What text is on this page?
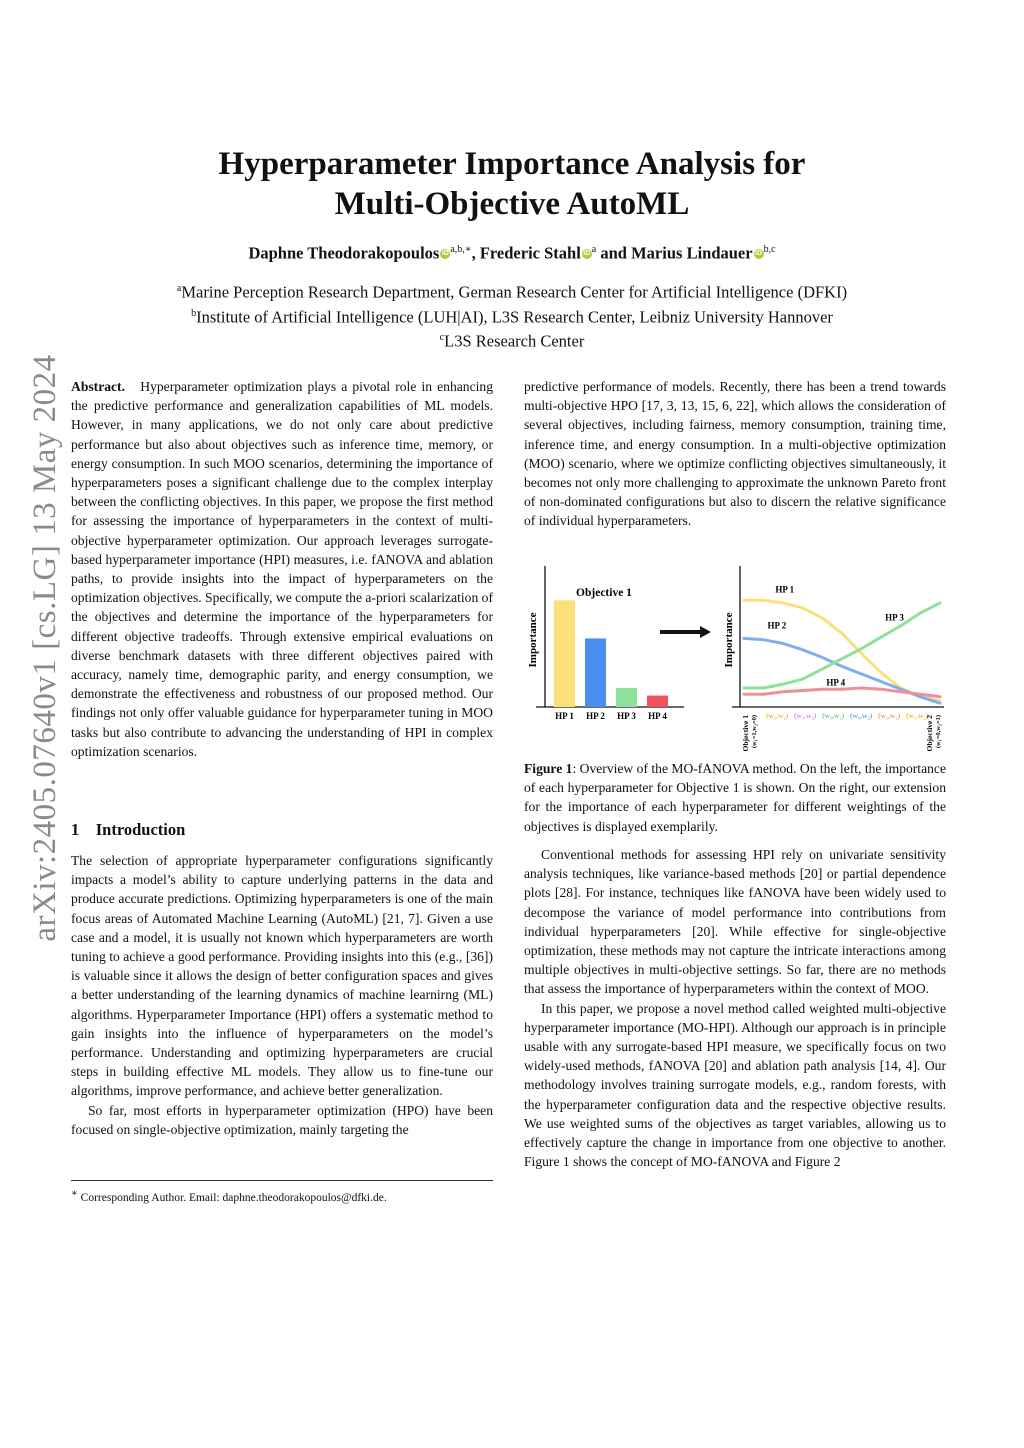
arXiv:2405.07640v1 [cs.LG] 13 May 2024
Hyperparameter Importance Analysis for
Multi-Objective AutoML
Daphne Theodorakopoulos iD $^{a,b,∗}$, Frederic Stahl iD $^a$ and Marius Lindauer iD $^{b,c}$
$^a$Marine Perception Research Department, German Research Center for Artificial Intelligence (DFKI)
$^b$Institute of Artificial Intelligence (LUH|AI), L3S Research Center, Leibniz University Hannover
$^c$L3S Research Center

Abstract. Hyperparameter optimization plays a pivotal role in enhancing the predictive performance and generalization capabilities of ML models. However, in many applications, we do not only care about predictive performance but also about objectives such as inference time, memory, or energy consumption. In such MOO scenarios, determining the importance of hyperparameters poses a significant challenge due to the complex interplay between the conflicting objectives. In this paper, we propose the first method for assessing the importance of hyperparameters in the context of multi-objective hyperparameter optimization. Our approach leverages surrogate-based hyperparameter importance (HPI) measures, i.e. fANOVA and ablation paths, to provide insights into the impact of hyperparameters on the optimization objectives. Specifically, we compute the a-priori scalarization of the objectives and determine the importance of the hyperparameters for different objective tradeoffs. Through extensive empirical evaluations on diverse benchmark datasets with three different objectives paired with accuracy, namely time, demographic parity, and energy consumption, we demonstrate the effectiveness and robustness of our proposed method. Our findings not only offer valuable guidance for hyperparameter tuning in MOO tasks but also contribute to advancing the understanding of HPI in complex optimization scenarios.

1 Introduction

The selection of appropriate hyperparameter configurations significantly impacts a model’s ability to capture underlying patterns in the data and produce accurate predictions. Optimizing hyperparameters is one of the main focus areas of Automated Machine Learning (AutoML) [21, 7]. Given a use case and a model, it is usually not known which hyperparameters are worth tuning to achieve a good performance. Providing insights into this (e.g., [36]) is valuable since it allows the design of better configuration spaces and gives a better understanding of the learning dynamics of machine learnirng (ML) algorithms. Hyperparameter Importance (HPI) offers a systematic method to gain insights into the influence of hyperparameters on the model’s performance. Understanding and optimizing hyperparameters are crucial steps in building effective ML models. They allow us to fine-tune our algorithms, improve performance, and achieve better generalization.

So far, most efforts in hyperparameter optimization (HPO) have been focused on single-objective optimization, mainly targeting the

∗ Corresponding Author. Email: daphne.theodorakopoulos@dfki.de.

predictive performance of models. Recently, there has been a trend towards multi-objective HPO [17, 3, 13, 15, 6, 22], which allows the consideration of several objectives, including fairness, memory consumption, training time, inference time, and energy consumption. In a multi-objective optimization (MOO) scenario, where we optimize conflicting objectives simultaneously, it becomes not only more challenging to approximate the unknown Pareto front of non-dominated configurations but also to discern the relative significance of individual hyperparameters.

Importance
Objective 1
HP 1 HP 2 HP 3 HP 4
Importance
HP 1
HP 2
HP 3
HP 4
(w₁,w₂) (w₁,w₂) (w₁,w₂) (w₁,w₂) (w₁,w₂) (w₁,w₂)
Objective 1 (w₁=1,w₂=0)	Objective 2 (w₁=0,w₂=1)

Figure 1: Overview of the MO-fANOVA method. On the left, the importance of each hyperparameter for Objective 1 is shown. On the right, our extension for the importance of each hyperparameter for different weightings of the objectives is displayed exemplarily.

Conventional methods for assessing HPI rely on univariate sensitivity analysis techniques, like variance-based methods [20] or partial dependence plots [28]. For instance, techniques like fANOVA have been widely used to decompose the variance of model performance into contributions from individual hyperparameters [20]. While effective for single-objective optimization, these methods may not capture the intricate interactions among multiple objectives in multi-objective settings. So far, there are no methods that assess the importance of hyperparameters within the context of MOO.

In this paper, we propose a novel method called weighted multi-objective hyperparameter importance (MO-HPI). Although our approach is in principle usable with any surrogate-based HPI measure, we specifically focus on two widely-used methods, fANOVA [20] and ablation path analysis [14, 4]. Our methodology involves training surrogate models, e.g., random forests, with the hyperparameter configuration data and the respective objective results. We use weighted sums of the objectives as target variables, allowing us to effectively capture the change in importance from one objective to another. Figure 1 shows the concept of MO-fANOVA and Figure 2
